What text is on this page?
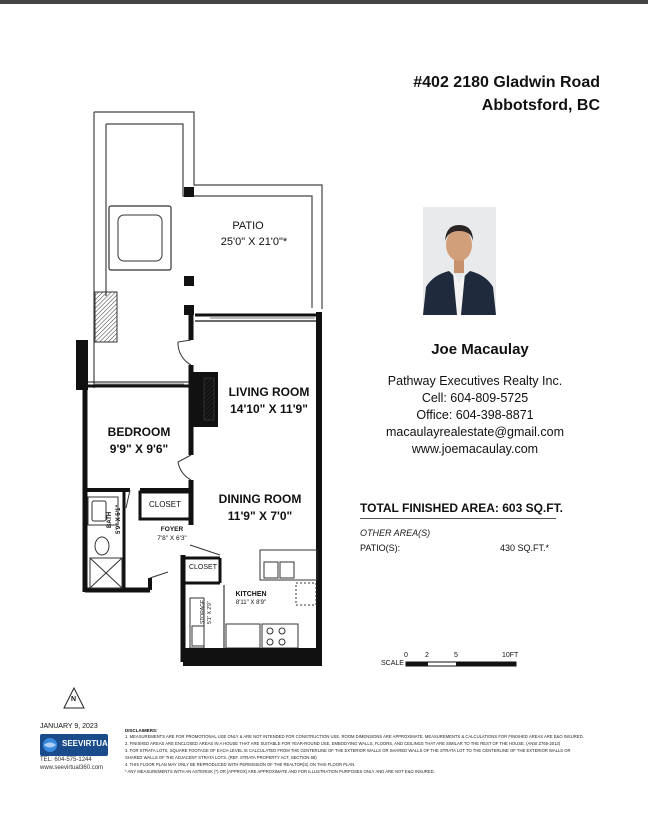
PATIO
25'0" X 21'0"*
LIVING ROOM
14'10" X 11'9"
BEDROOM
9'9" X 9'6"
DINING ROOM
11'9" X 7'0"
BATH 5'9" X 5'1"
CLOSET
FOYER
7'8" X 6'3"
CLOSET
STORAGE 5'1" X 2'9"
KITCHEN
8'11" X 8'9"
N
#402 2180 Gladwin Road
Abbotsford, BC
Joe Macaulay
Pathway Executives Realty Inc.
Cell: 604-809-5725
Office: 604-398-8871
macaulayrealestate@gmail.com
www.joemacaulay.com
TOTAL FINISHED AREA: 603 SQ.FT.
OTHER AREA(S)
PATIO(S):	430 SQ.FT.*
SCALE
0 2	5	10FT
JANUARY 9, 2023
SEEVIRTUAL
TEL: 604-575-1244
www.seevirtual360.com
DISCLAIMERS:
1. MEASUREMENTS ARE FOR PROMOTIONAL USE ONLY & ARE NOT INTENDED FOR CONSTRUCTION USE. ROOM DIMENSIONS ARE APPROXIMATE. MEASUREMENTS & CALCULATIONS FOR FINISHED AREAS ARE E&O INSURED.
2. FINISHED AREAS ARE ENCLOSED AREAS IN A HOUSE THAT ARE SUITABLE FOR YEAR-ROUND USE, EMBODYING WALLS, FLOORS, AND CEILINGS THAT ARE SIMILAR TO THE REST OF THE HOUSE. (ANSI Z765-2013)
3. FOR STRATA LOTS, SQUARE FOOTAGE OF EACH LEVEL IS CALCULATED FROM THE CENTERLINE OF THE EXTERIOR WALLS OR SHARED WALLS OF THE STRATA LOT TO THE CENTERLINE OF THE EXTERIOR WALLS OR
SHARED WALLS OF THE ADJACENT STRATA LOTS. (REF. STRATA PROPERTY ACT, SECTION 68)
4. THIS FLOOR PLAN MAY ONLY BE REPRODUCED WITH PERMISSION OF THE REALTOR(S) ON THIS FLOOR PLAN.
* ANY MEASUREMENTS WITH AN ASTERISK (*) OR [APPROX] ARE APPROXIMATE AND FOR ILLUSTRATION PURPOSES ONLY AND ARE NOT E&O INSURED.
